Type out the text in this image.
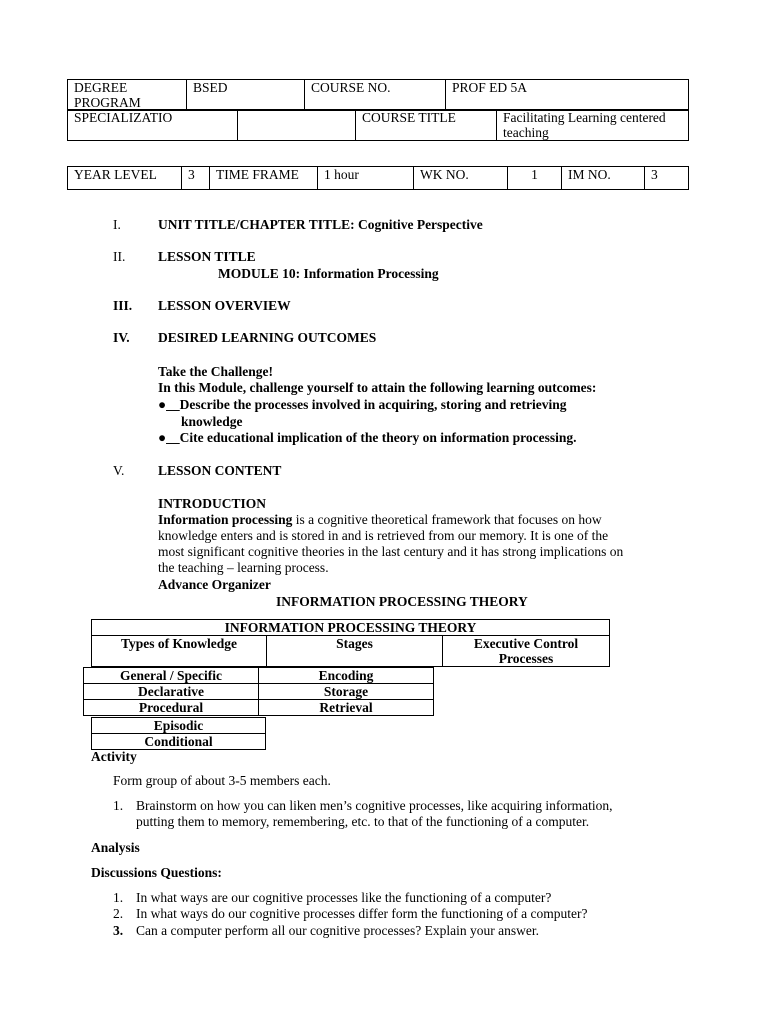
DEGREE PROGRAM	BSED	COURSE NO.	PROF ED 5A
SPECIALIZATIO		COURSE TITLE	Facilitating Learning centered teaching
YEAR LEVEL	3	TIME FRAME	1 hour	WK NO.	1	IM NO.	3
I.	UNIT TITLE/CHAPTER TITLE: Cognitive Perspective
II. LESSON TITLE
MODULE 10: Information Processing
III. LESSON OVERVIEW
IV. DESIRED LEARNING OUTCOMES
Take the Challenge!
In this Module, challenge yourself to attain the following learning outcomes:
●__Describe the processes involved in acquiring, storing and retrieving
knowledge
●__Cite educational implication of the theory on information processing.
V. LESSON CONTENT
INTRODUCTION
Information processing is a cognitive theoretical framework that focuses on how
knowledge enters and is stored in and is retrieved from our memory. It is one of the
most significant cognitive theories in the last century and it has strong implications on
the teaching – learning process.
Advance Organizer
INFORMATION PROCESSING THEORY
INFORMATION PROCESSING THEORY
Types of Knowledge	Stages	Executive Control Processes
General / Specific	Encoding
Declarative	Storage
Procedural	Retrieval
Episodic
Conditional
Activity
Form group of about 3-5 members each.
1. Brainstorm on how you can liken men’s cognitive processes, like acquiring information,
putting them to memory, remembering, etc. to that of the functioning of a computer.
Analysis
Discussions Questions:
1. In what ways are our cognitive processes like the functioning of a computer?
2. In what ways do our cognitive processes differ form the functioning of a computer?
3. Can a computer perform all our cognitive processes? Explain your answer.
